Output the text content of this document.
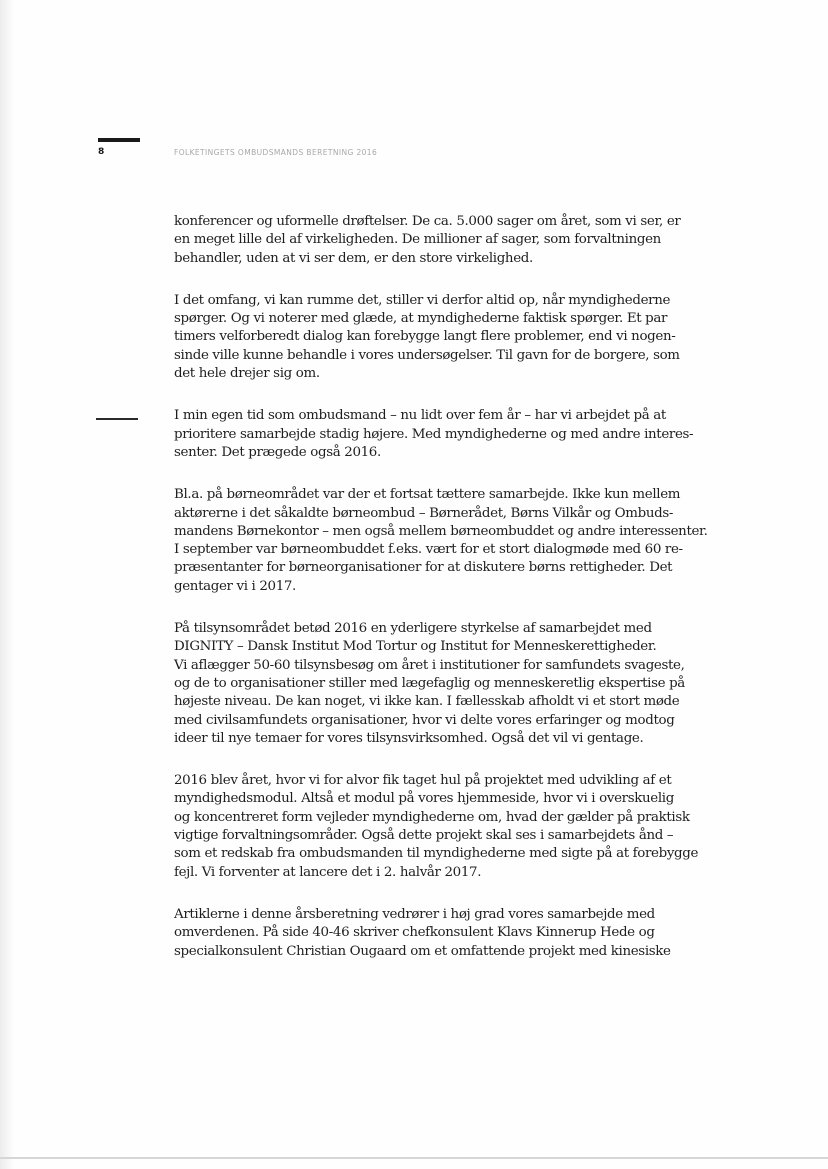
8	FOLKETINGETS OMBUDSMANDS BERETNING 2016

konferencer og uformelle drøftelser. De ca. 5.000 sager om året, som vi ser, er
en meget lille del af virkeligheden. De millioner af sager, som forvaltningen
behandler, uden at vi ser dem, er den store virkelighed.

I det omfang, vi kan rumme det, stiller vi derfor altid op, når myndighederne
spørger. Og vi noterer med glæde, at myndighederne faktisk spørger. Et par
timers velforberedt dialog kan forebygge langt flere problemer, end vi nogen-
sinde ville kunne behandle i vores undersøgelser. Til gavn for de borgere, som
det hele drejer sig om.

I min egen tid som ombudsmand – nu lidt over fem år – har vi arbejdet på at
prioritere samarbejde stadig højere. Med myndighederne og med andre interes-
senter. Det prægede også 2016.

Bl.a. på børneområdet var der et fortsat tættere samarbejde. Ikke kun mellem
aktørerne i det såkaldte børneombud – Børnerådet, Børns Vilkår og Ombuds-
mandens Børnekontor – men også mellem børneombuddet og andre interessenter.
I september var børneombuddet f.eks. vært for et stort dialogmøde med 60 re-
præsentanter for børneorganisationer for at diskutere børns rettigheder. Det
gentager vi i 2017.

På tilsynsområdet betød 2016 en yderligere styrkelse af samarbejdet med
DIGNITY – Dansk Institut Mod Tortur og Institut for Menneskerettigheder.
Vi aflægger 50-60 tilsynsbesøg om året i institutioner for samfundets svageste,
og de to organisationer stiller med lægefaglig og menneskeretlig ekspertise på
højeste niveau. De kan noget, vi ikke kan. I fællesskab afholdt vi et stort møde
med civilsamfundets organisationer, hvor vi delte vores erfaringer og modtog
ideer til nye temaer for vores tilsynsvirksomhed. Også det vil vi gentage.

2016 blev året, hvor vi for alvor fik taget hul på projektet med udvikling af et
myndighedsmodul. Altså et modul på vores hjemmeside, hvor vi i overskuelig
og koncentreret form vejleder myndighederne om, hvad der gælder på praktisk
vigtige forvaltningsområder. Også dette projekt skal ses i samarbejdets ånd –
som et redskab fra ombudsmanden til myndighederne med sigte på at forebygge
fejl. Vi forventer at lancere det i 2. halvår 2017.

Artiklerne i denne årsberetning vedrører i høj grad vores samarbejde med
omverdenen. På side 40-46 skriver chefkonsulent Klavs Kinnerup Hede og
specialkonsulent Christian Ougaard om et omfattende projekt med kinesiske
